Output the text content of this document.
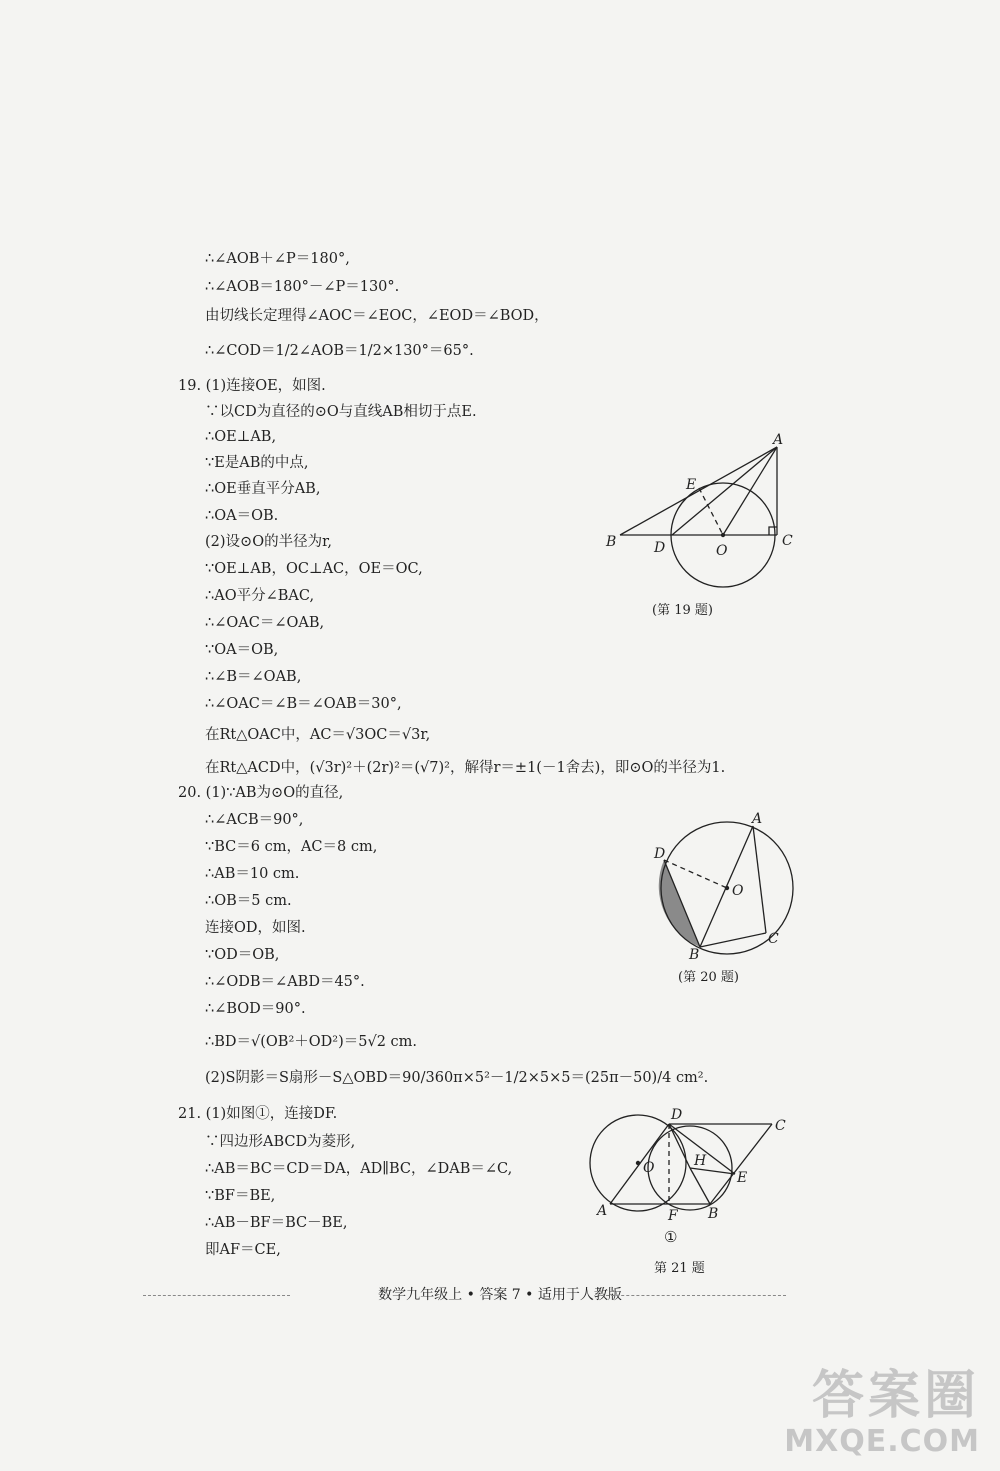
∴∠AOB＋∠P＝180°,
∴∠AOB＝180°－∠P＝130°.
由切线长定理得∠AOC＝∠EOC，∠EOD＝∠BOD，
∴∠COD＝1/2∠AOB＝1/2×130°＝65°.
19. (1)连接OE，如图.
∵以CD为直径的⊙O与直线AB相切于点E.
∴OE⊥AB,
∵E是AB的中点,
∴OE垂直平分AB,
∴OA＝OB.
(2)设⊙O的半径为r,
∵OE⊥AB，OC⊥AC，OE＝OC,
∴AO平分∠BAC,
∴∠OAC＝∠OAB,
∵OA＝OB,
∴∠B＝∠OAB,
∴∠OAC＝∠B＝∠OAB＝30°,
在Rt△OAC中，AC＝√3OC＝√3r,
在Rt△ACD中，(√3r)²＋(2r)²＝(√7)²，解得r＝±1(－1舍去)，即⊙O的半径为1.
20. (1)∵AB为⊙O的直径,
∴∠ACB＝90°,
∵BC＝6 cm，AC＝8 cm,
∴AB＝10 cm.
∴OB＝5 cm.
连接OD，如图.
∵OD＝OB,
∴∠ODB＝∠ABD＝45°.
∴∠BOD＝90°.
∴BD＝√(OB²＋OD²)＝5√2 cm.
(2)S阴影＝S扇形－S△OBD＝90/360π×5²－1/2×5×5＝(25π－50)/4 cm².
21. (1)如图①，连接DF.
∵四边形ABCD为菱形,
∴AB＝BC＝CD＝DA，AD∥BC，∠DAB＝∠C,
∵BF＝BE,
∴AB－BF＝BC－BE,
即AF＝CE,
A
E
B	D	O
C
(第 19 题)
A
D
O
B
C
(第 20 题)
D
C
O	H
E
A	F B
①
第 21 题
数学九年级上 • 答案 7 • 适用于人教版
答案圈
MXQE.COM
